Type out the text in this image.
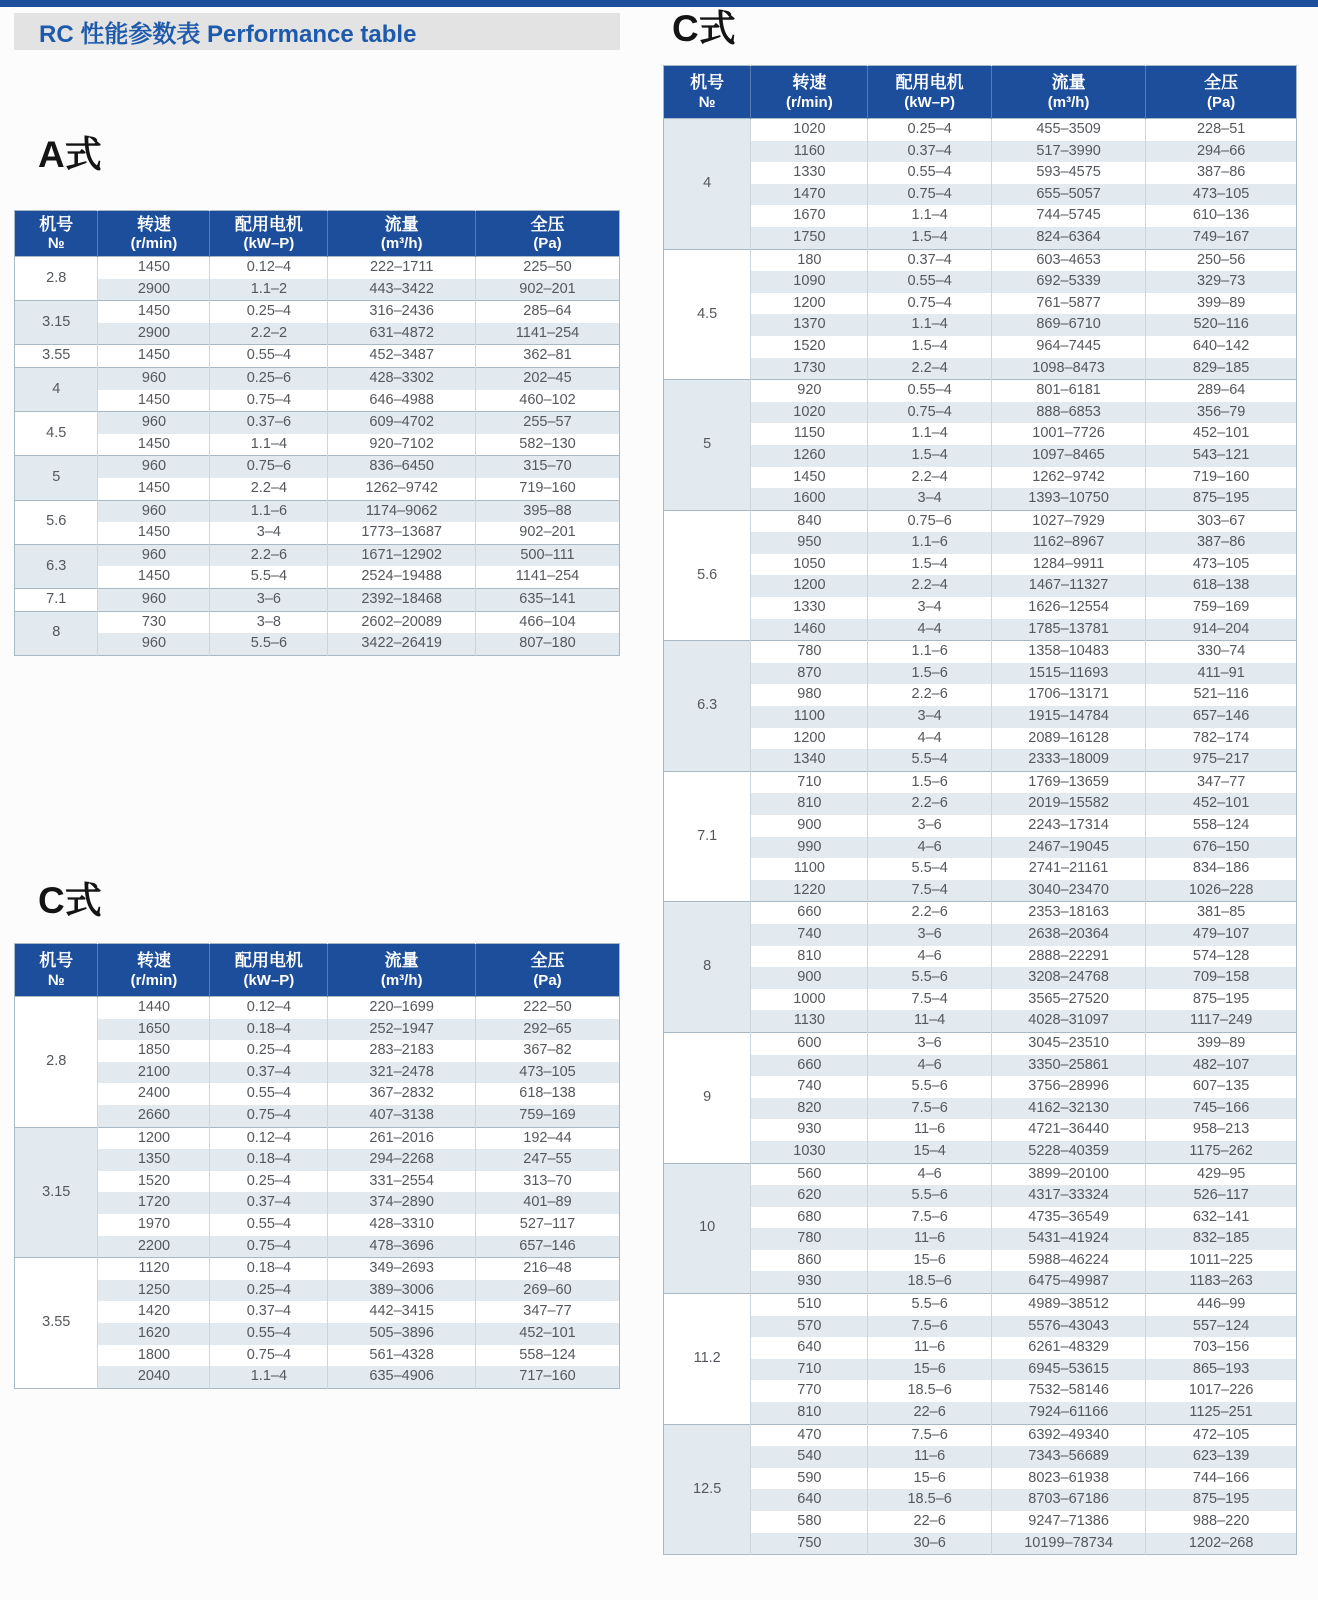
RC 性能参数表 Performance table
A式
机号
№

转速
(r/min)

配用电机
(kW–P)

流量
(m³/h)

全压
(Pa)

2.8	1450	0.12–4	222–1711	225–50
	2900	1.1–2	443–3422	902–201
3.15	1450	0.25–4	316–2436	285–64
	2900	2.2–2	631–4872	1141–254
3.55	1450	0.55–4	452–3487	362–81
4	960	0.25–6	428–3302	202–45
	1450	0.75–4	646–4988	460–102
4.5	960	0.37–6	609–4702	255–57
	1450	1.1–4	920–7102	582–130
5	960	0.75–6	836–6450	315–70
	1450	2.2–4	1262–9742	719–160
5.6	960	1.1–6	1174–9062	395–88
	1450	3–4	1773–13687	902–201
6.3	960	2.2–6	1671–12902	500–111
	1450	5.5–4	2524–19488	1141–254
7.1	960	3–6	2392–18468	635–141
8	730	3–8	2602–20089	466–104
	960	5.5–6	3422–26419	807–180
C式
机号
№

转速
(r/min)

配用电机
(kW–P)

流量
(m³/h)

全压
(Pa)

2.8	1440	0.12–4	220–1699	222–50
	1650	0.18–4	252–1947	292–65
	1850	0.25–4	283–2183	367–82
	2100	0.37–4	321–2478	473–105
	2400	0.55–4	367–2832	618–138
	2660	0.75–4	407–3138	759–169
3.15	1200	0.12–4	261–2016	192–44
	1350	0.18–4	294–2268	247–55
	1520	0.25–4	331–2554	313–70
	1720	0.37–4	374–2890	401–89
	1970	0.55–4	428–3310	527–117
	2200	0.75–4	478–3696	657–146
3.55	1120	0.18–4	349–2693	216–48
	1250	0.25–4	389–3006	269–60
	1420	0.37–4	442–3415	347–77
	1620	0.55–4	505–3896	452–101
	1800	0.75–4	561–4328	558–124
	2040	1.1–4	635–4906	717–160
C式
机号
№

转速
(r/min)

配用电机
(kW–P)

流量
(m³/h)

全压
(Pa)

4	1020	0.25–4	455–3509	228–51
	1160	0.37–4	517–3990	294–66
	1330	0.55–4	593–4575	387–86
	1470	0.75–4	655–5057	473–105
	1670	1.1–4	744–5745	610–136
	1750	1.5–4	824–6364	749–167
4.5	180	0.37–4	603–4653	250–56
	1090	0.55–4	692–5339	329–73
	1200	0.75–4	761–5877	399–89
	1370	1.1–4	869–6710	520–116
	1520	1.5–4	964–7445	640–142
	1730	2.2–4	1098–8473	829–185
5	920	0.55–4	801–6181	289–64
	1020	0.75–4	888–6853	356–79
	1150	1.1–4	1001–7726	452–101
	1260	1.5–4	1097–8465	543–121
	1450	2.2–4	1262–9742	719–160
	1600	3–4	1393–10750	875–195
5.6	840	0.75–6	1027–7929	303–67
	950	1.1–6	1162–8967	387–86
	1050	1.5–4	1284–9911	473–105
	1200	2.2–4	1467–11327	618–138
	1330	3–4	1626–12554	759–169
	1460	4–4	1785–13781	914–204
6.3	780	1.1–6	1358–10483	330–74
	870	1.5–6	1515–11693	411–91
	980	2.2–6	1706–13171	521–116
	1100	3–4	1915–14784	657–146
	1200	4–4	2089–16128	782–174
	1340	5.5–4	2333–18009	975–217
7.1	710	1.5–6	1769–13659	347–77
	810	2.2–6	2019–15582	452–101
	900	3–6	2243–17314	558–124
	990	4–6	2467–19045	676–150
	1100	5.5–4	2741–21161	834–186
	1220	7.5–4	3040–23470	1026–228
8	660	2.2–6	2353–18163	381–85
	740	3–6	2638–20364	479–107
	810	4–6	2888–22291	574–128
	900	5.5–6	3208–24768	709–158
	1000	7.5–4	3565–27520	875–195
	1130	11–4	4028–31097	1117–249
9	600	3–6	3045–23510	399–89
	660	4–6	3350–25861	482–107
	740	5.5–6	3756–28996	607–135
	820	7.5–6	4162–32130	745–166
	930	11–6	4721–36440	958–213
	1030	15–4	5228–40359	1175–262
10	560	4–6	3899–20100	429–95
	620	5.5–6	4317–33324	526–117
	680	7.5–6	4735–36549	632–141
	780	11–6	5431–41924	832–185
	860	15–6	5988–46224	1011–225
	930	18.5–6	6475–49987	1183–263
11.2	510	5.5–6	4989–38512	446–99
	570	7.5–6	5576–43043	557–124
	640	11–6	6261–48329	703–156
	710	15–6	6945–53615	865–193
	770	18.5–6	7532–58146	1017–226
	810	22–6	7924–61166	1125–251
12.5	470	7.5–6	6392–49340	472–105
	540	11–6	7343–56689	623–139
	590	15–6	8023–61938	744–166
	640	18.5–6	8703–67186	875–195
	580	22–6	9247–71386	988–220
	750	30–6	10199–78734	1202–268
